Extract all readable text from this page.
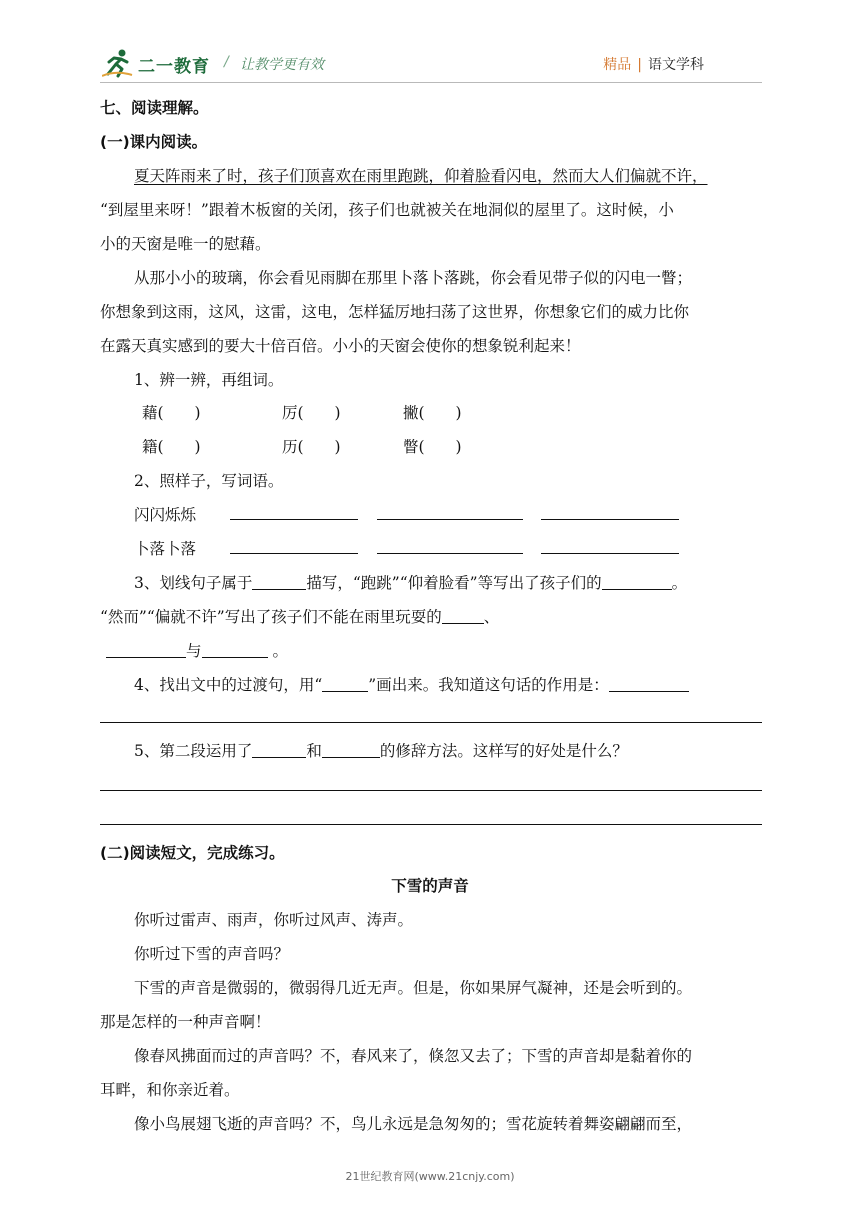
二一教育 / 让教学更有效	精品 | 语文学科
七、阅读理解。
(一)课内阅读。
夏天阵雨来了时，孩子们顶喜欢在雨里跑跳，仰着脸看闪电，然而大人们偏就不许，
“到屋里来呀！”跟着木板窗的关闭，孩子们也就被关在地洞似的屋里了。这时候，小
小的天窗是唯一的慰藉。
从那小小的玻璃，你会看见雨脚在那里卜落卜落跳，你会看见带子似的闪电一瞥；
你想象到这雨，这风，这雷，这电，怎样猛厉地扫荡了这世界，你想象它们的威力比你
在露天真实感到的要大十倍百倍。小小的天窗会使你的想象锐利起来！
1、辨一辨，再组词。
藉(　　)	厉(　　)	撇(　　)
籍(　　)	历(　　)	瞥(　　)
2、照样子，写词语。
闪闪烁烁
卜落卜落
3、划线句子属于	描写，“跑跳”“仰着脸看”等写出了孩子们的	。
“然而”“偏就不许”写出了孩子们不能在雨里玩耍的	、
与	。
4、找出文中的过渡句，用“	”画出来。我知道这句话的作用是：
5、第二段运用了	和	的修辞方法。这样写的好处是什么？
(二)阅读短文，完成练习。
下雪的声音
你听过雷声、雨声，你听过风声、涛声。
你听过下雪的声音吗？
下雪的声音是微弱的，微弱得几近无声。但是，你如果屏气凝神，还是会听到的。
那是怎样的一种声音啊！
像春风拂面而过的声音吗？不，春风来了，倏忽又去了；下雪的声音却是黏着你的
耳畔，和你亲近着。
像小鸟展翅飞逝的声音吗？不，鸟儿永远是急匆匆的；雪花旋转着舞姿翩翩而至，
21世纪教育网(www.21cnjy.com)
